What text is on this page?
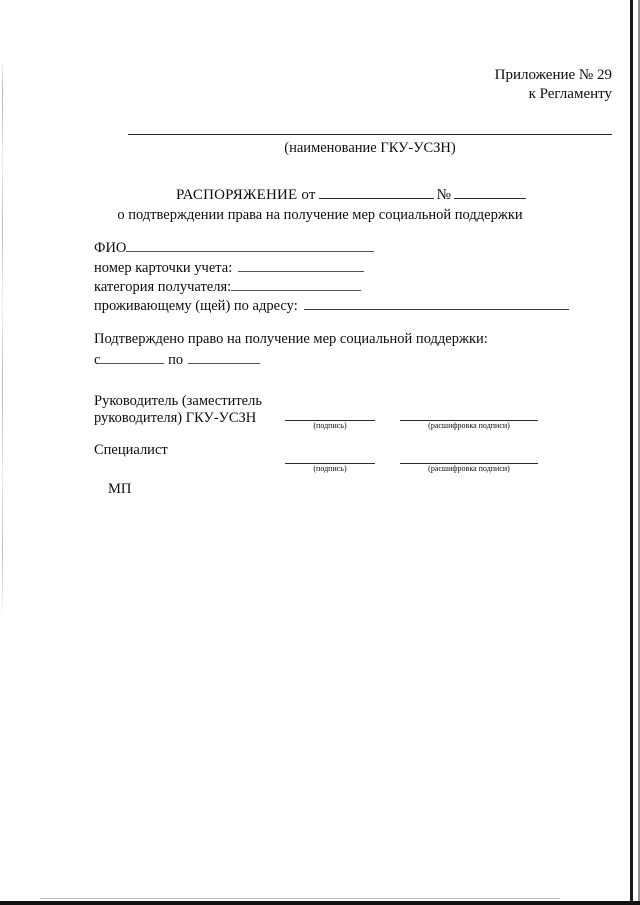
Приложение № 29
к Регламенту
(наименование ГКУ-УСЗН)
РАСПОРЯЖЕНИЕ от	№
о подтверждении права на получение мер социальной поддержки
ФИО
номер карточки учета:
категория получателя:
проживающему (щей) по адресу:
Подтверждено право на получение мер социальной поддержки:
с	по
Руководитель (заместитель
руководителя) ГКУ-УСЗН	(подпись)	(расшифровка подписи)
Специалист
(подпись)	(расшифровка подписи)
МП
